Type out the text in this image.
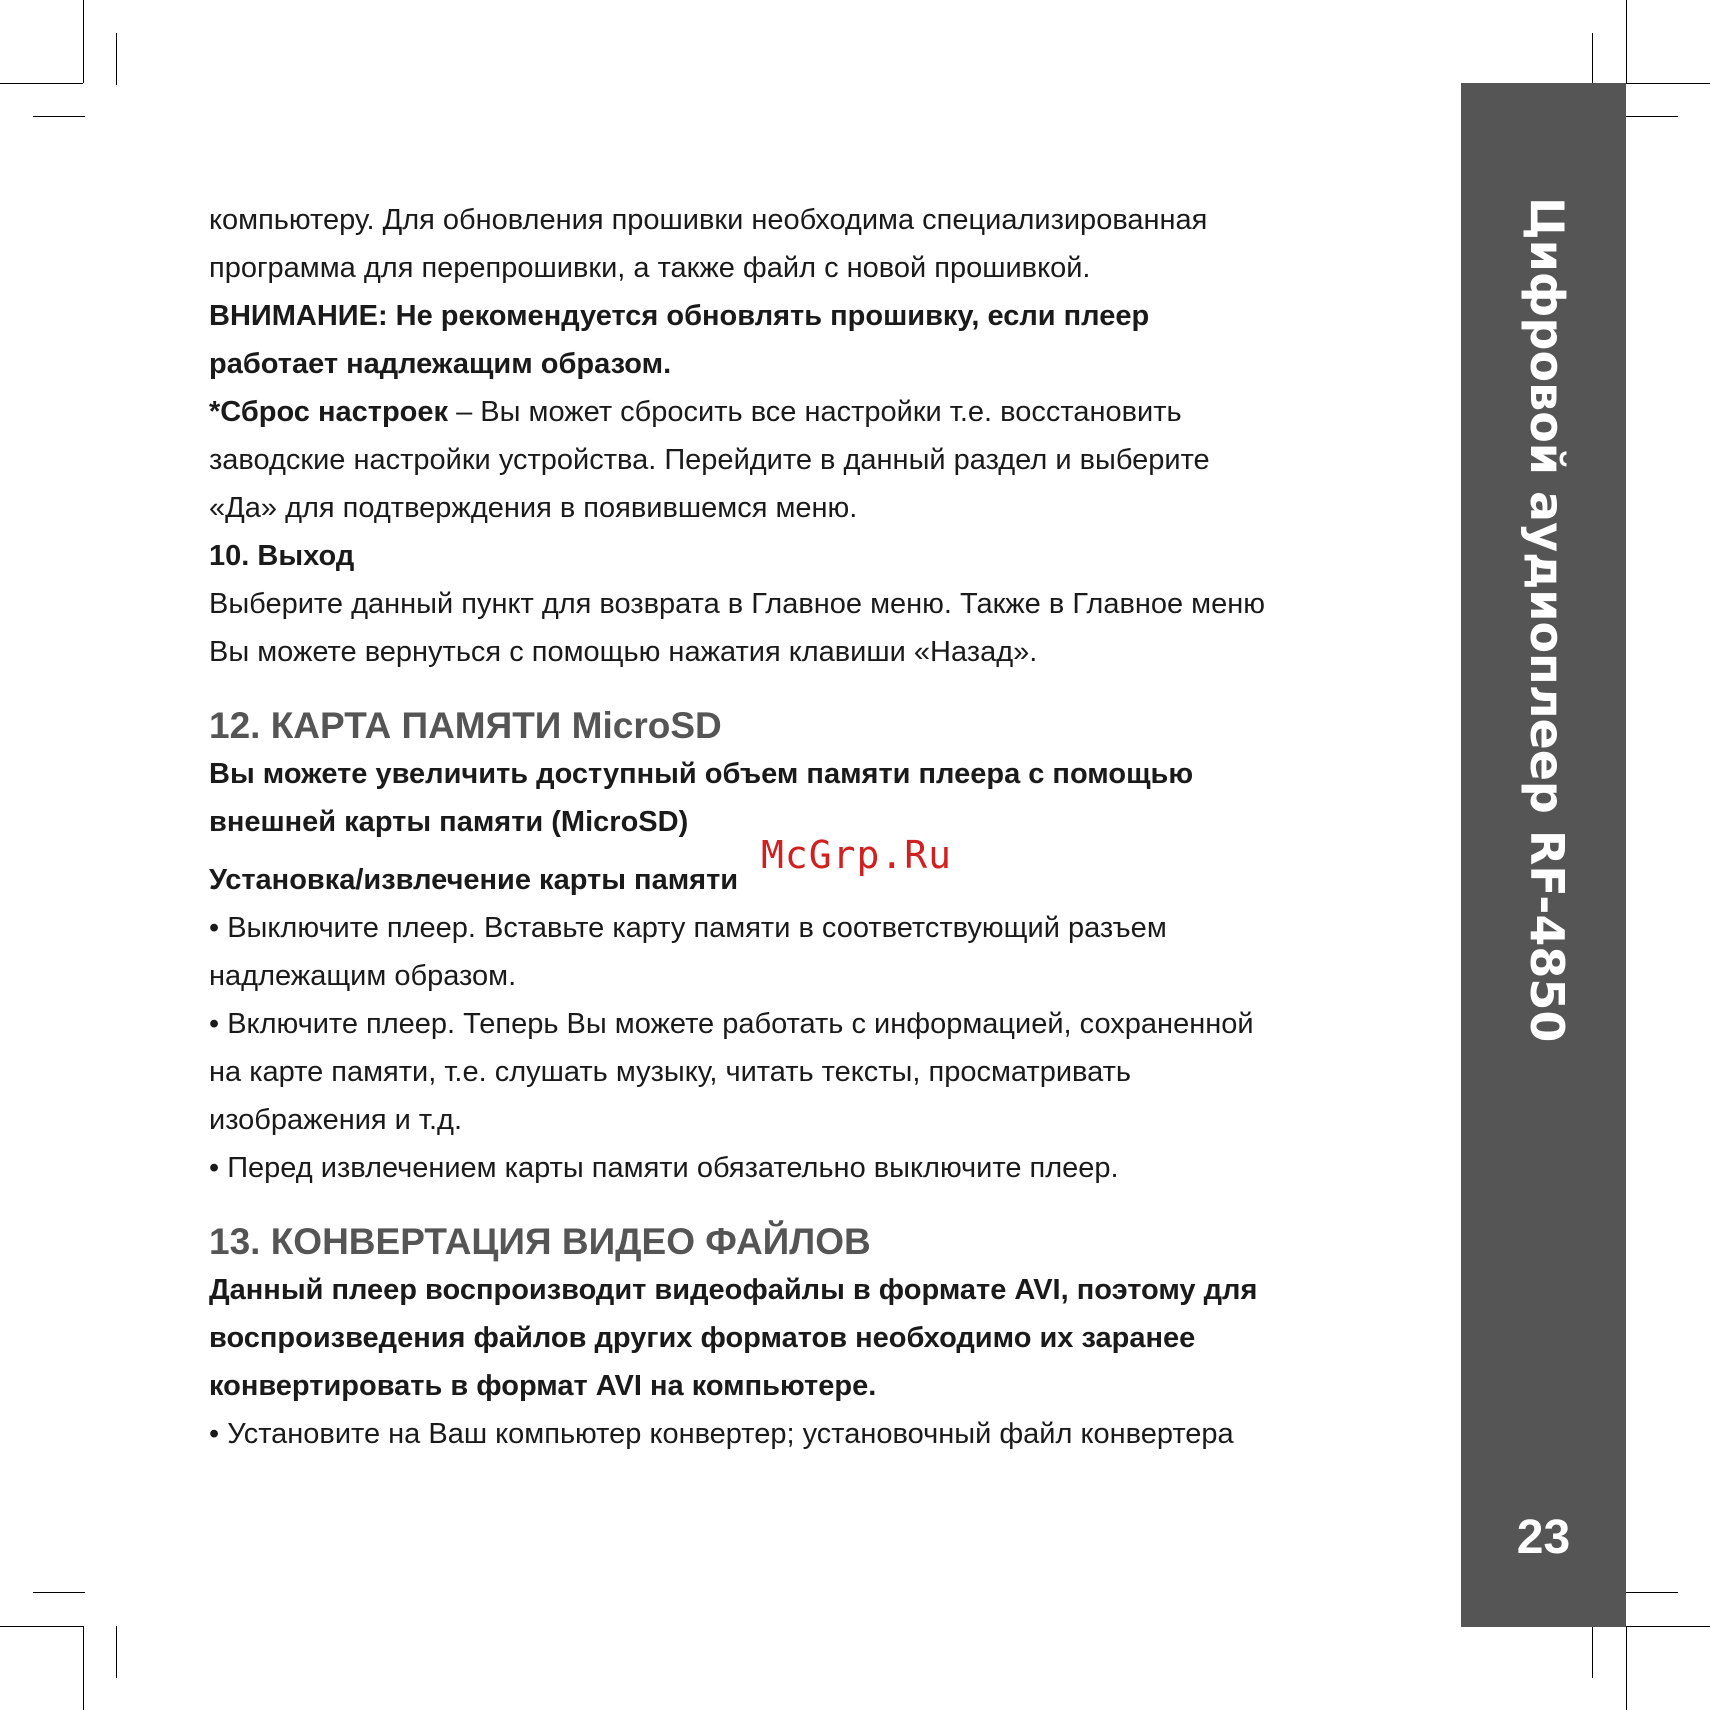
компьютеру. Для обновления прошивки необходима специализированная

программа для перепрошивки, а также файл с новой прошивкой.

ВНИМАНИЕ: Не рекомендуется обновлять прошивку, если плеер

работает надлежащим образом.

*Сброс настроек – Вы может сбросить все настройки т.е. восстановить

заводские настройки устройства. Перейдите в данный раздел и выберите

«Да» для подтверждения в появившемся меню.

10. Выход

Выберите данный пункт для возврата в Главное меню. Также в Главное меню

Вы можете вернуться с помощью нажатия клавиши «Назад».

12. КАРТА ПАМЯТИ MicroSD

Вы можете увеличить доступный объем памяти плеера с помощью

внешней карты памяти (MicroSD)

Установка/извлечение карты памяти

• Выключите плеер. Вставьте карту памяти в соответствующий разъем

надлежащим образом.

• Включите плеер. Теперь Вы можете работать с информацией, сохраненной

на карте памяти, т.е. слушать музыку, читать тексты, просматривать

изображения и т.д.

• Перед извлечением карты памяти обязательно выключите плеер.

13. КОНВЕРТАЦИЯ ВИДЕО ФАЙЛОВ

Данный плеер воспроизводит видеофайлы в формате AVI, поэтому для

воспроизведения файлов других форматов необходимо их заранее

конвертировать в формат AVI на компьютере.

• Установите на Ваш компьютер конвертер; установочный файл конвертера

McGrp.Ru	Цифровой аудиоплеер RF-4850
23
